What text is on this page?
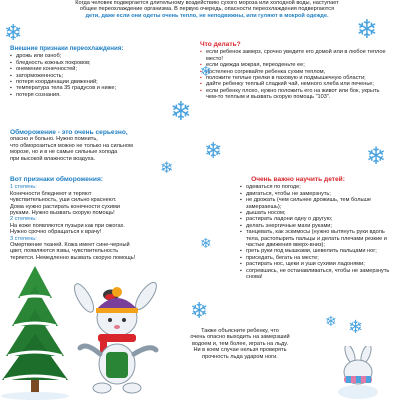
Когда человек подвергается длительному воздействию сухого мороза или холодной воды, наступает

общее переохлаждение организма. В первую очередь, опасности переохлаждения подвергаются

дети, даже если они одеты очень тепло, не неподвижны, или гуляют в мокрой одежде.

Внешние признаки переохлаждения:
▪ дрожь или озноб;
▪ бледность кожных покровов;
▪ онемение конечностей;
▪ заторможенность;
▪ потеря координации движений;
▪ температура тела 35 градусов и ниже;
▪ потеря сознания.
Обморожение - это очень серьезно,
опасно и больно. Нужно помнить,
что обморозиться можно не только на сильном
морозе, но и в не самые сильные холода
при высокой влажности воздуха.
Вот признаки обморожения:
1 степень:
Конечности бледнеют и теряют
чувствительность, уши сильно краснеют.
Дома нужно растирать конечности сухими
руками. Нужно вызвать скорую помощь!
2 степень:
На коже появляются пузыри как при ожогах.
Нужно срочно обращаться к врачу!
3 степень:
Омертвение тканей. Кожа имеет сине-черный
цвет, появляются язвы, чувствительность
теряется. Немедленно вызвать скорую помощь!
Что делать?
▪ если ребенок замерз, срочно уведите его домой или в любое теплое место!
▪ если одежда мокрая, переоденьте ее;
▪ постелено согревайте ребенка сухим теплом,
▪ положите теплые грелки в паховую и подмышечную области;
▪ дайте ребенку теплый сладкий чай, немного хлеба или печенье;
▪ если ребенку плохо, нужно положить его на живот или бок, укрыть чем-то теплым и вызвать скорую помощь "103".
Очень важно научить детей:
▪ одеваться по погоде;
▪ двигаться, чтобы не замерзнуть;
▪ не дрожать (чем сильнее дрожишь, тем больше замерзаешь);
▪ дышать носом;
▪ растирать ладони одну о другую;
▪ делать энергичные махи руками;
▪ танцевать, как эскимосы (нужно вытянуть руки вдоль тела, растопырить пальцы и делать плечами резкие и частые движения вверх-вниз);
▪ греть руки под мышками, шевелить пальцами ног;
▪ приседать, бегать на месте;
▪ растирать нос, щеки и уши сухими ладонями;
▪ согревшись, не останавливаться, чтобы не замерзнуть снова!
Также объясните ребенку, что
очень опасно выходить на замерзший
водоем и, тем более, играть на льду.
Ни в коем случае нельзя проверять
прочность льда ударом ноги.
❄	❄
❄
❄
❄
❄	❄
❄
❄	❄ ❄
